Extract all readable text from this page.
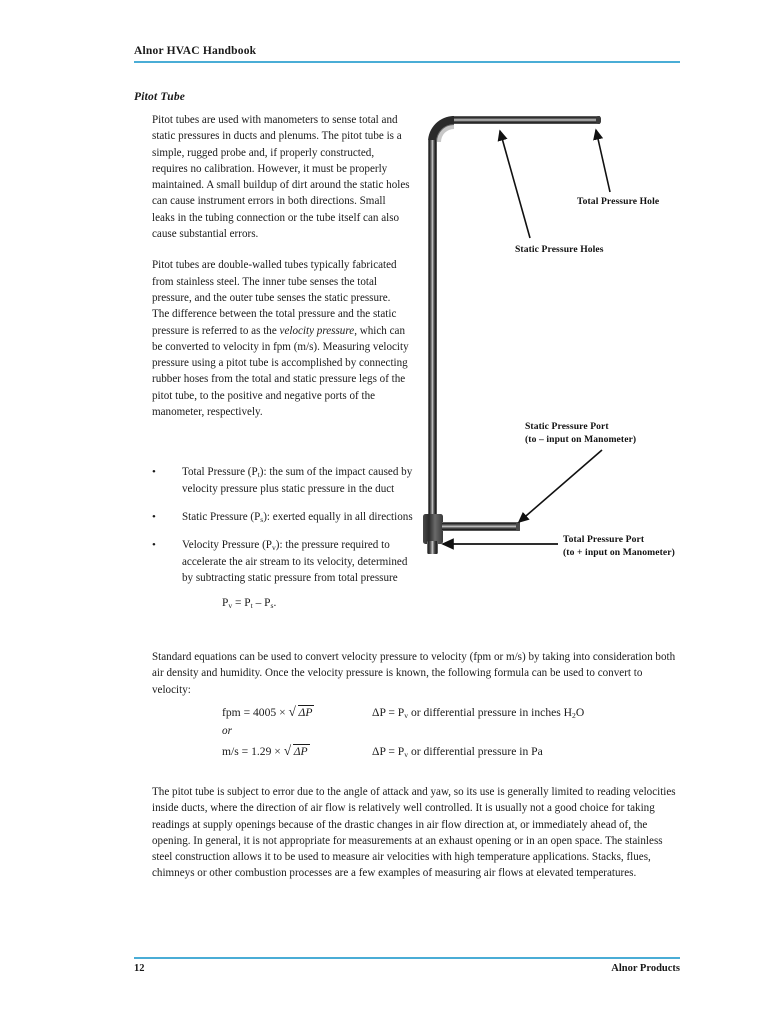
Alnor HVAC Handbook
Pitot Tube

Pitot tubes are used with manometers to sense total and static pressures in ducts and plenums. The pitot tube is a simple, rugged probe and, if properly constructed, requires no calibration. However, it must be properly maintained. A small buildup of dirt around the static holes can cause instrument errors in both directions. Small leaks in the tubing connection or the tube itself can also cause substantial errors.

Pitot tubes are double-walled tubes typically fabricated from stainless steel. The inner tube senses the total pressure, and the outer tube senses the static pressure. The difference between the total pressure and the static pressure is referred to as the velocity pressure, which can be converted to velocity in fpm (m/s). Measuring velocity pressure using a pitot tube is accomplished by connecting rubber hoses from the total and static pressure legs of the pitot tube, to the positive and negative ports of the manometer, respectively.

• Total Pressure $(P_t)$: the sum of the impact caused by velocity pressure plus static pressure in the duct
• Static Pressure $(P_s)$: exerted equally in all directions
• Velocity Pressure $(P_v)$: the pressure required to accelerate the air stream to its velocity, determined by subtracting static pressure from total pressure
$P_v = P_t - P_s$.
Standard equations can be used to convert velocity pressure to velocity (fpm or m/s) by taking into consideration both air density and humidity. Once the velocity pressure is known, the following formula can be used to convert to velocity:
fpm = 4005 × √ ΔP	$\Delta P = P_v$ or differential pressure in inches $H_2O$
or
m/s = 1.29 × √ ΔP	$\Delta P = P_v$ or differential pressure in Pa
The pitot tube is subject to error due to the angle of attack and yaw, so its use is generally limited to reading velocities inside ducts, where the direction of air flow is relatively well controlled. It is usually not a good choice for taking readings at supply openings because of the drastic changes in air flow direction at, or immediately ahead of, the opening. In general, it is not appropriate for measurements at an exhaust opening or in an open space. The stainless steel construction allows it to be used to measure air velocities with high temperature applications. Stacks, flues, chimneys or other combustion processes are a few examples of measuring air flows at elevated temperatures.
Total Pressure Hole
Static Pressure Holes
Static Pressure Port
(to – input on Manometer)
Total Pressure Port
(to + input on Manometer)
12	Alnor Products
